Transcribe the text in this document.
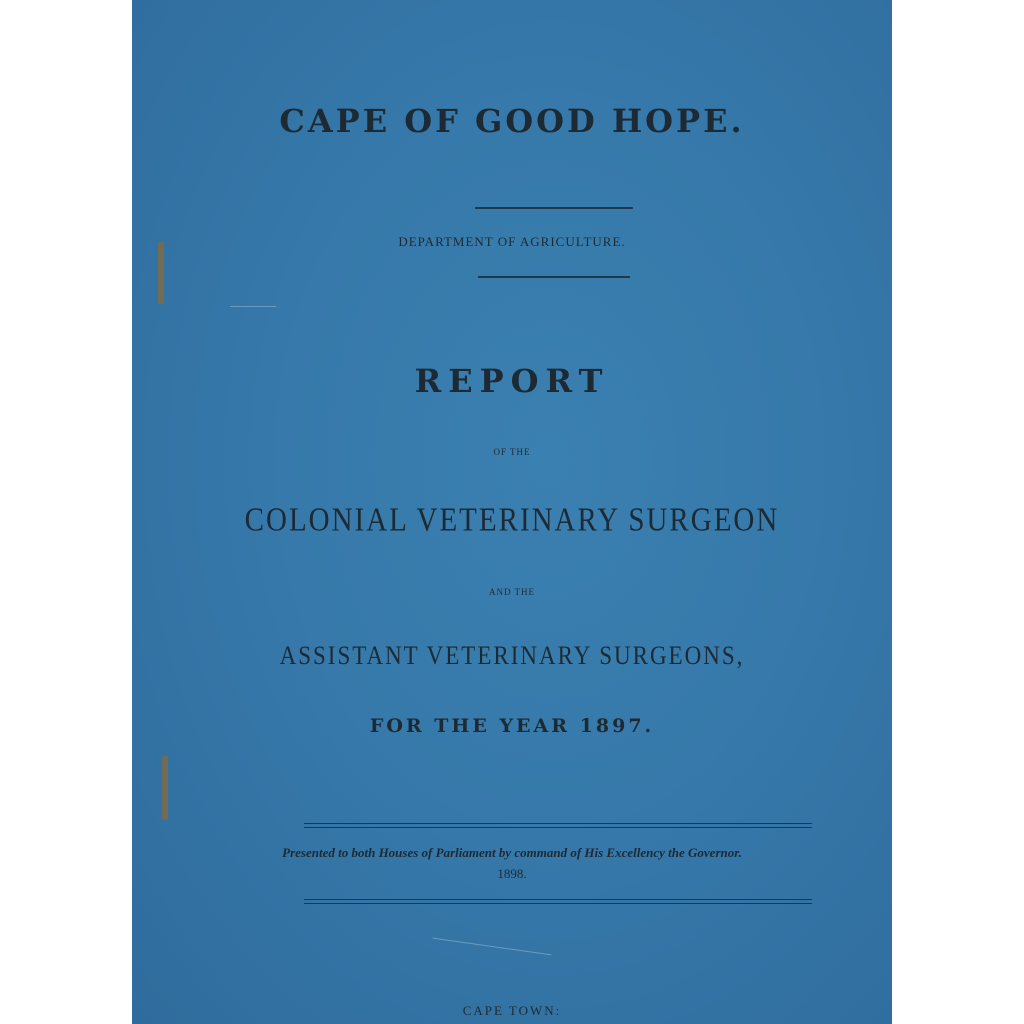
CAPE OF GOOD HOPE.
DEPARTMENT OF AGRICULTURE.
REPORT
OF THE
COLONIAL VETERINARY SURGEON
AND THE
ASSISTANT VETERINARY SURGEONS,
FOR THE YEAR 1897.
Presented to both Houses of Parliament by command of His Excellency the Governor.
1898.
CAPE TOWN:
